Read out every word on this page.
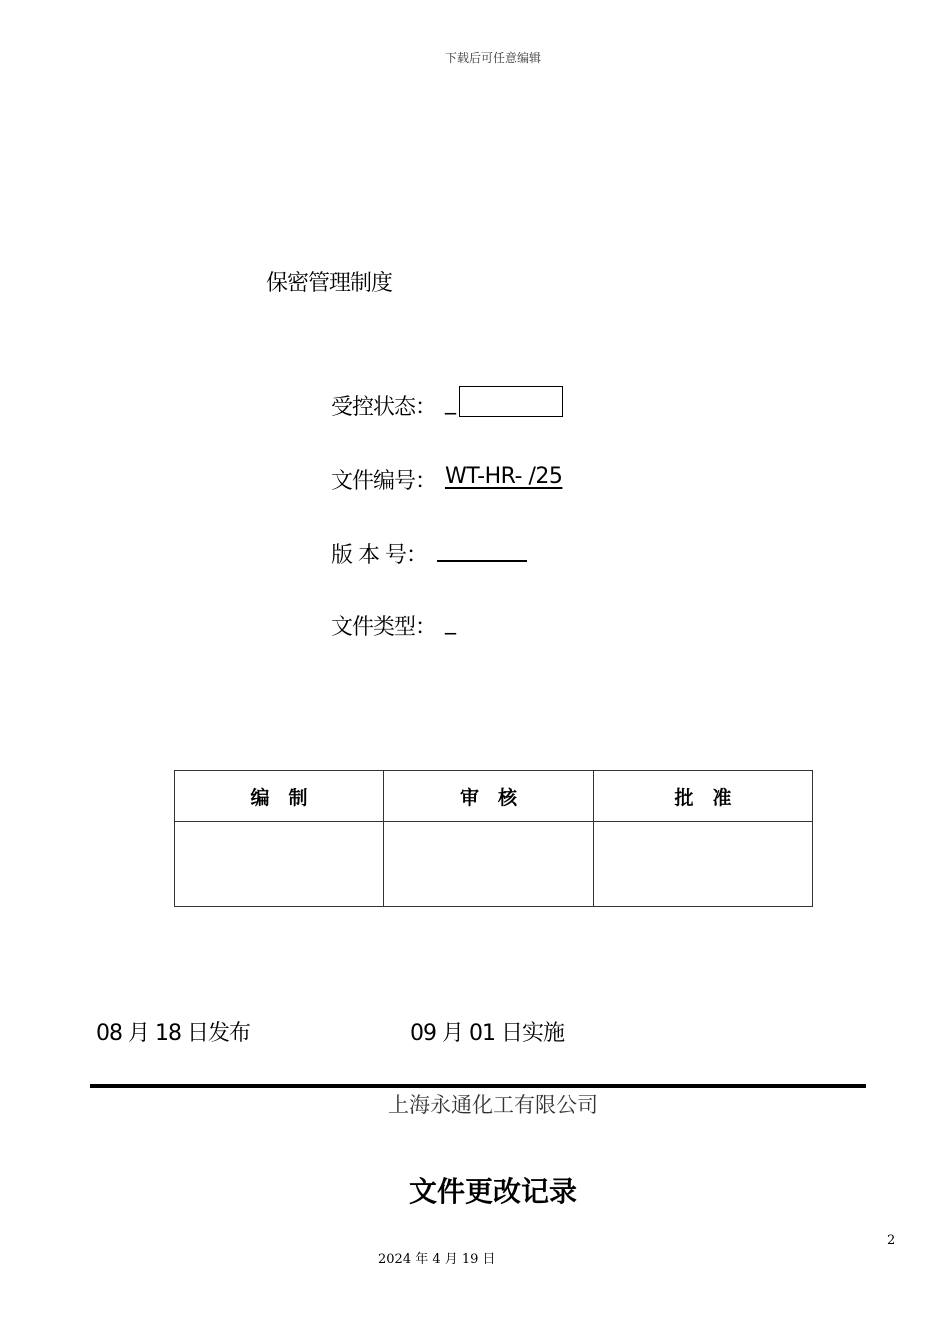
下载后可任意编辑
保密管理制度
受控状态： _
文件编号： WT-HR- /25
版 本 号：
文件类型： _
编　制	审　核	批　准

08 月 18 日发布	09 月 01 日实施
上海永通化工有限公司
文件更改记录
2
2024 年 4 月 19 日
